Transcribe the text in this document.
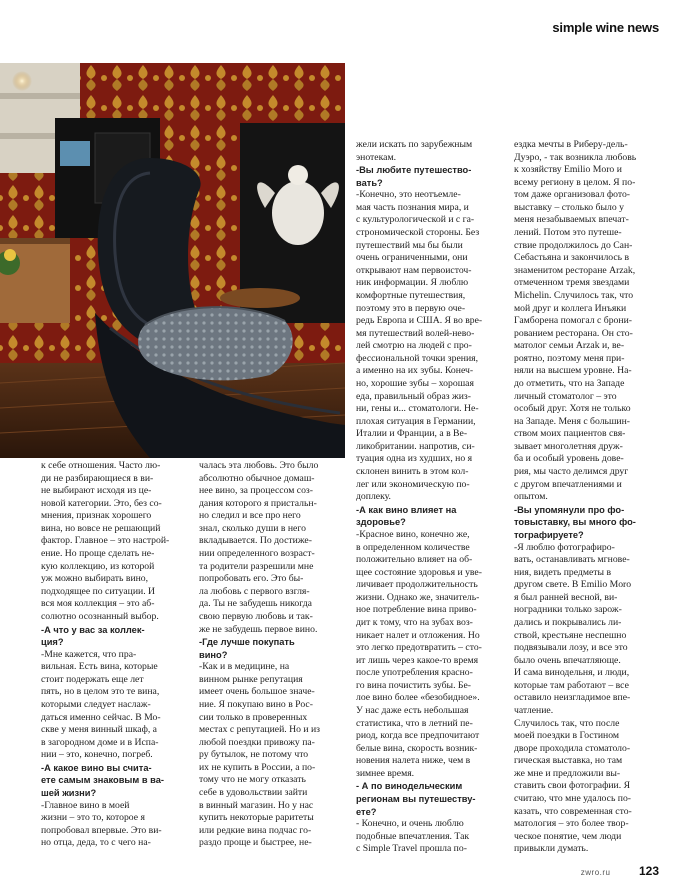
simple wine news

к себе отношения. Часто лю-

ди не разбирающиеся в ви-

не выбирают исходя из це-

новой категории. Это, без со-

мнения, признак хорошего

вина, но вовсе не решающий

фактор. Главное – это настрой-

ение. Но проще сделать не-

кую коллекцию, из которой

уж можно выбирать вино,

подходящее по ситуации. И

вся моя коллекция – это аб-

солютно осознанный выбор.

-А что у вас за коллек-

ция?

-Мне кажется, что пра-

вильная. Есть вина, которые

стоит подержать еще лет

пять, но в целом это те вина,

которыми следует наслаж-

даться именно сейчас. В Мо-

скве у меня винный шкаф, а

в загородном доме и в Испа-

нии – это, конечно, погреб.

-А какое вино вы счита-

ете самым знаковым в ва-

шей жизни?

-Главное вино в моей

жизни – это то, которое я

попробовал впервые. Это ви-

но отца, деда, то с чего на-

чалась эта любовь. Это было

абсолютно обычное домаш-

нее вино, за процессом соз-

дания которого я пристальн-

но следил и все про него

знал, сколько души в него

вкладывается. По достиже-

нии определенного возраст-

та родители разрешили мне

попробовать его. Это бы-

ла любовь с первого взгля-

да. Ты не забудешь никогда

свою первую любовь и так-

же не забудешь первое вино.

-Где лучше покупать

вино?

-Как и в медицине, на

винном рынке репутация

имеет очень большое значе-

ние. Я покупаю вино в Рос-

сии только в проверенных

местах с репутацией. Но и из

любой поездки привожу па-

ру бутылок, не потому что

их не купить в России, а по-

тому что не могу отказать

себе в удовольствии зайти

в винный магазин. Но у нас

купить некоторые раритеты

или редкие вина подчас го-

раздо проще и быстрее, не-

жели искать по зарубежным

энотекам.

-Вы любите путешество-

вать?

-Конечно, это неотъемле-

мая часть познания мира, и

с культурологической и с га-

строномической стороны. Без

путешествий мы бы были

очень ограниченными, они

открывают нам первоисточ-

ник информации. Я люблю

комфортные путешествия,

поэтому это в первую оче-

редь Европа и США. Я во вре-

мя путешествий волей-нево-

лей смотрю на людей с про-

фессиональной точки зрения,

а именно на их зубы. Конеч-

но, хорошие зубы – хорошая

еда, правильный образ жиз-

ни, гены и... стоматологи. Не-

плохая ситуация в Германии,

Италии и Франции, а в Ве-

ликобритании. напротив, си-

туация одна из худших, но я

склонен винить в этом кол-

лег или экономическую по-

доплеку.

-А как вино влияет на

здоровье?

-Красное вино, конечно же,

в определенном количестве

положительно влияет на об-

щее состояние здоровья и уве-

личивает продолжительность

жизни. Однако же, значитель-

ное потребление вина приво-

дит к тому, что на зубах воз-

никает налет и отложения. Но

это легко предотвратить – сто-

ит лишь через какое-то время

после употребления красно-

го вина почистить зубы. Бе-

лое вино более «безобидное».

У нас даже есть небольшая

статистика, что в летний пе-

риод, когда все предпочитают

белые вина, скорость возник-

новения налета ниже, чем в

зимнее время.

- А по винодельческим

регионам вы путешеству-

ете?

- Конечно, и очень люблю

подобные впечатления. Так

с Simple Travel прошла по-

ездка мечты в Риберу-дель-

Дуэро, - так возникла любовь

к хозяйству Emilio Moro и

всему региону в целом. Я по-

том даже организовал фото-

выставку – столько было у

меня незабываемых впечат-

лений. Потом это путеше-

ствие продолжилось до Сан-

Себастьяна и закончилось в

знаменитом ресторане Arzak,

отмеченном тремя звездами

Michelin. Случилось так, что

мой друг и коллега Инъяки

Гамборена помогал с брони-

рованием ресторана. Он сто-

матолог семьи Arzak и, ве-

роятно, поэтому меня при-

няли на высшем уровне. На-

до отметить, что на Западе

личный стоматолог – это

особый друг. Хотя не только

на Западе. Меня с большин-

ством моих пациентов свя-

зывает многолетняя друж-

ба и особый уровень дове-

рия, мы часто делимся друг

с другом впечатлениями и

опытом.

-Вы упомянули про фо-

товыставку, вы много фо-

тографируете?

-Я люблю фотографиро-

вать, останавливать мгнове-

ния, видеть предметы в

другом свете. В Emilio Moro

я был ранней весной, ви-

ноградники только зарож-

дались и покрывались ли-

ствой, крестьяне неспешно

подвязывали лозу, и все это

было очень впечатляюще.

И сама винодельня, и люди,

которые там работают – все

оставило неизгладимое впе-

чатление.

Случилось так, что после

моей поездки в Гостином

дворе проходила стоматоло-

гическая выставка, но там

же мне и предложили вы-

ставить свои фотографии. Я

считаю, что мне удалось по-

казать, что современная сто-

матология – это более твор-

ческое понятие, чем люди

привыкли думать.

zwro.ru 123
